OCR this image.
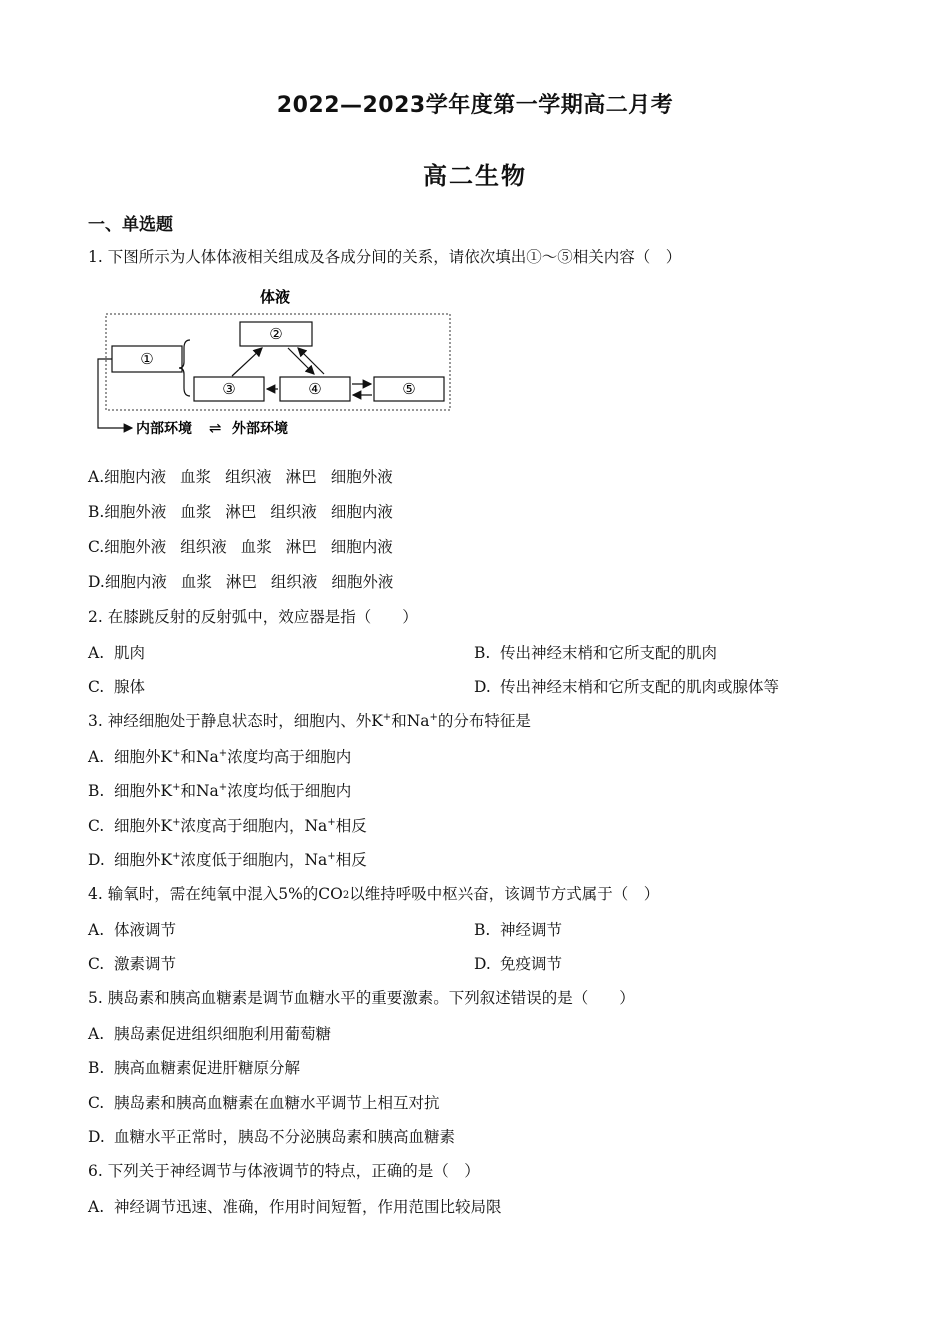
2022—2023学年度第一学期高二月考
高二生物
一、单选题
1. 下图所示为人体体液相关组成及各成分间的关系，请依次填出①～⑤相关内容（　）
体液
①
②
③	④	⑤
内部环境 ⇌ 外部环境
A.细胞内液 血浆 组织液 淋巴 细胞外液
B.细胞外液 血浆 淋巴 组织液 细胞内液
C.细胞外液 组织液 血浆 淋巴 细胞内液
D.细胞内液 血浆 淋巴 组织液 细胞外液
2. 在膝跳反射的反射弧中，效应器是指（　　）
A. 肌肉	B. 传出神经末梢和它所支配的肌肉
C. 腺体	D. 传出神经末梢和它所支配的肌肉或腺体等
3. 神经细胞处于静息状态时，细胞内、外K+和Na+的分布特征是
A. 细胞外K+和Na+浓度均高于细胞内
B. 细胞外K+和Na+浓度均低于细胞内
C. 细胞外K+浓度高于细胞内，Na+相反
D. 细胞外K+浓度低于细胞内，Na+相反
4. 输氧时，需在纯氧中混入5%的$CO_2$以维持呼吸中枢兴奋，该调节方式属于（　）
A. 体液调节	B. 神经调节
C. 激素调节	D. 免疫调节
5. 胰岛素和胰高血糖素是调节血糖水平的重要激素。下列叙述错误的是（　　）
A. 胰岛素促进组织细胞利用葡萄糖
B. 胰高血糖素促进肝糖原分解
C. 胰岛素和胰高血糖素在血糖水平调节上相互对抗
D. 血糖水平正常时，胰岛不分泌胰岛素和胰高血糖素
6. 下列关于神经调节与体液调节的特点，正确的是（　）
A. 神经调节迅速、准确，作用时间短暂，作用范围比较局限
